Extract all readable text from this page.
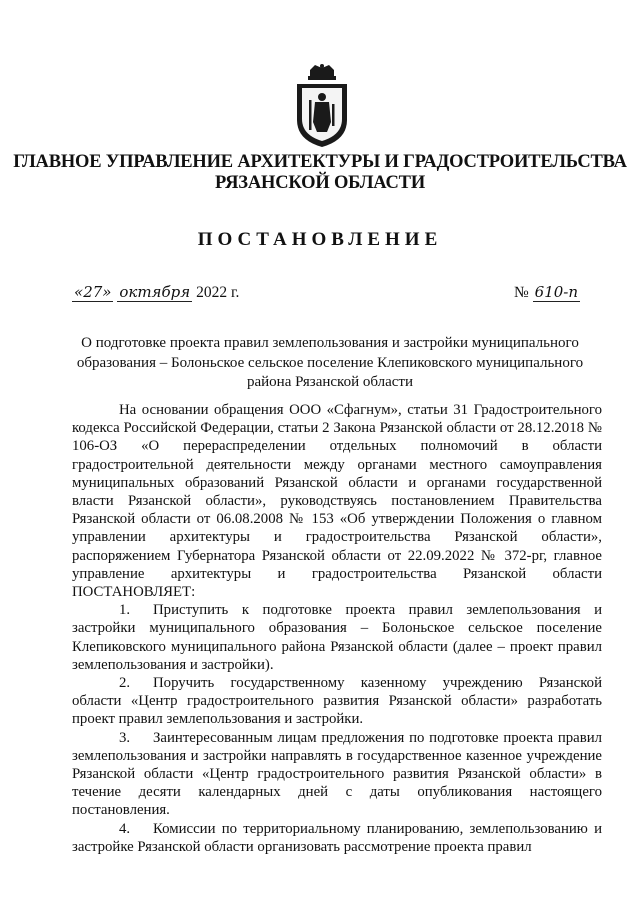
ГЛАВНОЕ УПРАВЛЕНИЕ АРХИТЕКТУРЫ И ГРАДОСТРОИТЕЛЬСТВА
РЯЗАНСКОЙ ОБЛАСТИ
ПОСТАНОВЛЕНИЕ
«27» октября 2022 г.	№ 610-п
О подготовке проекта правил землепользования и застройки муниципального образования – Болоньское сельское поселение Клепиковского муниципального района Рязанской области

На основании обращения ООО «Сфагнум», статьи 31 Градостроительного кодекса Российской Федерации, статьи 2 Закона Рязанской области от 28.12.2018 № 106-ОЗ «О перераспределении отдельных полномочий в области градостроительной деятельности между органами местного самоуправления муниципальных образований Рязанской области и органами государственной власти Рязанской области», руководствуясь постановлением Правительства Рязанской области от 06.08.2008 № 153 «Об утверждении Положения о главном управлении архитектуры и градостроительства Рязанской области», распоряжением Губернатора Рязанской области от 22.09.2022 № 372-рг, главное управление архитектуры и градостроительства Рязанской области ПОСТАНОВЛЯЕТ:

1. Приступить к подготовке проекта правил землепользования и застройки муниципального образования – Болоньское сельское поселение Клепиковского муниципального района Рязанской области (далее – проект правил землепользования и застройки).

2. Поручить государственному казенному учреждению Рязанской области «Центр градостроительного развития Рязанской области» разработать проект правил землепользования и застройки.

3. Заинтересованным лицам предложения по подготовке проекта правил землепользования и застройки направлять в государственное казенное учреждение Рязанской области «Центр градостроительного развития Рязанской области» в течение десяти календарных дней с даты опубликования настоящего постановления.

4. Комиссии по территориальному планированию, землепользованию и застройке Рязанской области организовать рассмотрение проекта правил
